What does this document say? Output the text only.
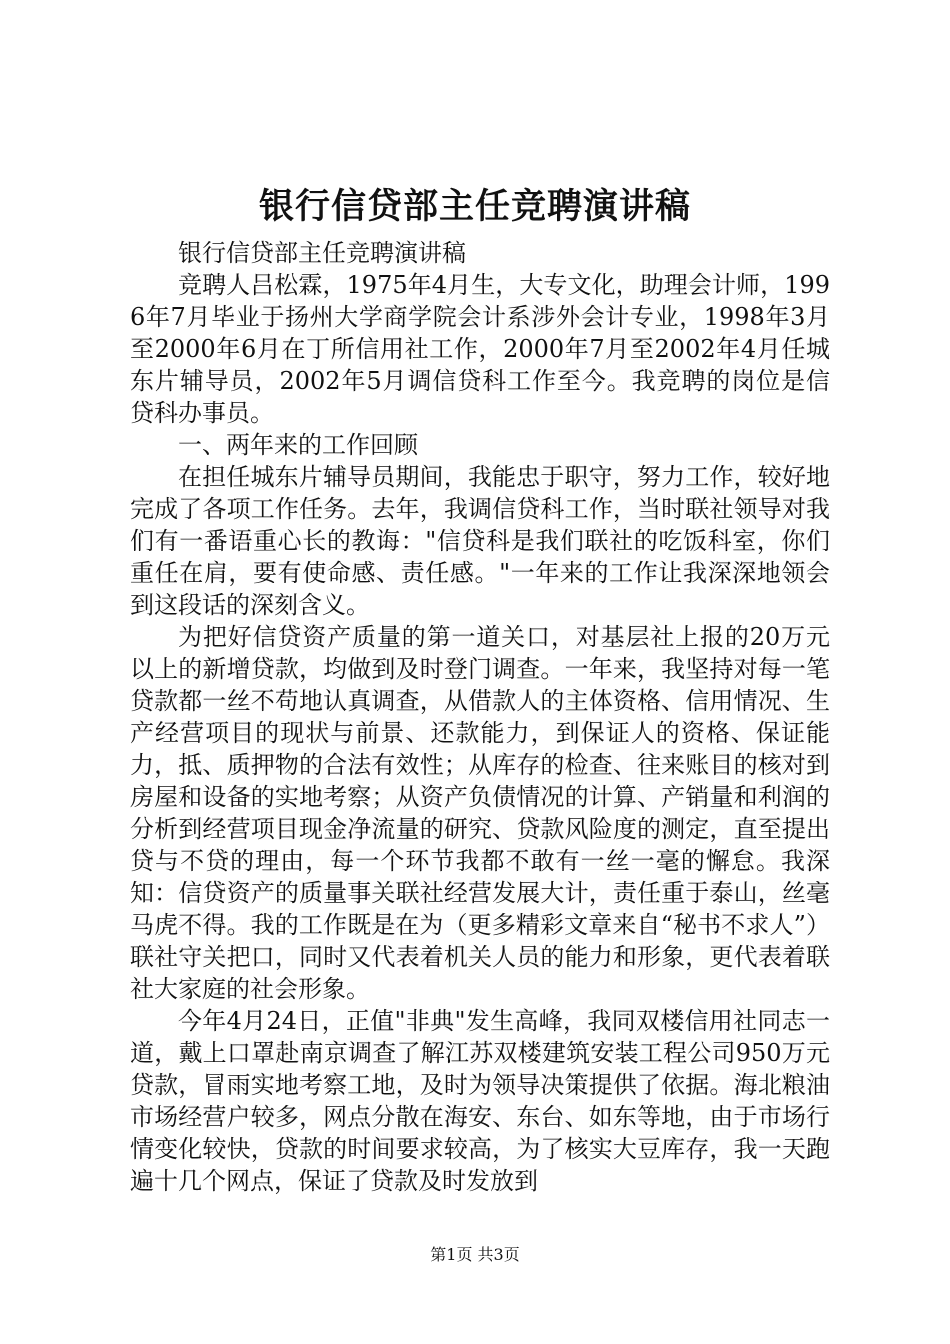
银行信贷部主任竞聘演讲稿

银行信贷部主任竞聘演讲稿

竞聘人吕松霖，1975年4月生，大专文化，助理会计师，1996年7月毕业于扬州大学商学院会计系涉外会计专业，1998年3月至2000年6月在丁所信用社工作，2000年7月至2002年4月任城东片辅导员，2002年5月调信贷科工作至今。我竞聘的岗位是信贷科办事员。

一、两年来的工作回顾

在担任城东片辅导员期间，我能忠于职守，努力工作，较好地完成了各项工作任务。去年，我调信贷科工作，当时联社领导对我们有一番语重心长的教诲："信贷科是我们联社的吃饭科室，你们重任在肩，要有使命感、责任感。"一年来的工作让我深深地领会到这段话的深刻含义。

为把好信贷资产质量的第一道关口，对基层社上报的20万元以上的新增贷款，均做到及时登门调查。一年来，我坚持对每一笔贷款都一丝不苟地认真调查，从借款人的主体资格、信用情况、生产经营项目的现状与前景、还款能力，到保证人的资格、保证能力，抵、质押物的合法有效性；从库存的检查、往来账目的核对到房屋和设备的实地考察；从资产负债情况的计算、产销量和利润的分析到经营项目现金净流量的研究、贷款风险度的测定，直至提出贷与不贷的理由，每一个环节我都不敢有一丝一毫的懈怠。我深知：信贷资产的质量事关联社经营发展大计，责任重于泰山，丝毫马虎不得。我的工作既是在为（更多精彩文章来自“秘书不求人”）联社守关把口，同时又代表着机关人员的能力和形象，更代表着联社大家庭的社会形象。

今年4月24日，正值"非典"发生高峰，我同双楼信用社同志一道，戴上口罩赴南京调查了解江苏双楼建筑安装工程公司950万元贷款，冒雨实地考察工地，及时为领导决策提供了依据。海北粮油市场经营户较多，网点分散在海安、东台、如东等地，由于市场行情变化较快，贷款的时间要求较高，为了核实大豆库存，我一天跑遍十几个网点，保证了贷款及时发放到

第1页 共3页
